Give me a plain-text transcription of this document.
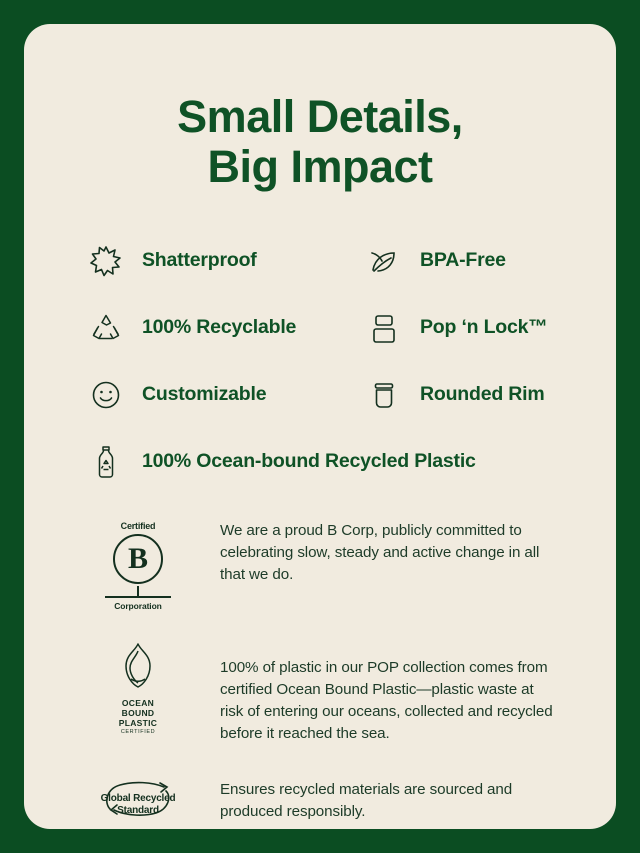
Small Details,
Big Impact
Shatterproof	BPA-Free
100% Recyclable	Pop ‘n Lock™
Customizable	Rounded Rim
100% Ocean-bound Recycled Plastic
Certified
B
Corporation
We are a proud B Corp, publicly committed to celebrating slow, steady and active change in all that we do.
OCEAN
BOUND
PLASTIC
CERTIFIED
100% of plastic in our POP collection comes from certified Ocean Bound Plastic—plastic waste at risk of entering our oceans, collected and recycled before it reached the sea.
Global Recycled
Standard
Ensures recycled materials are sourced and produced responsibly.
